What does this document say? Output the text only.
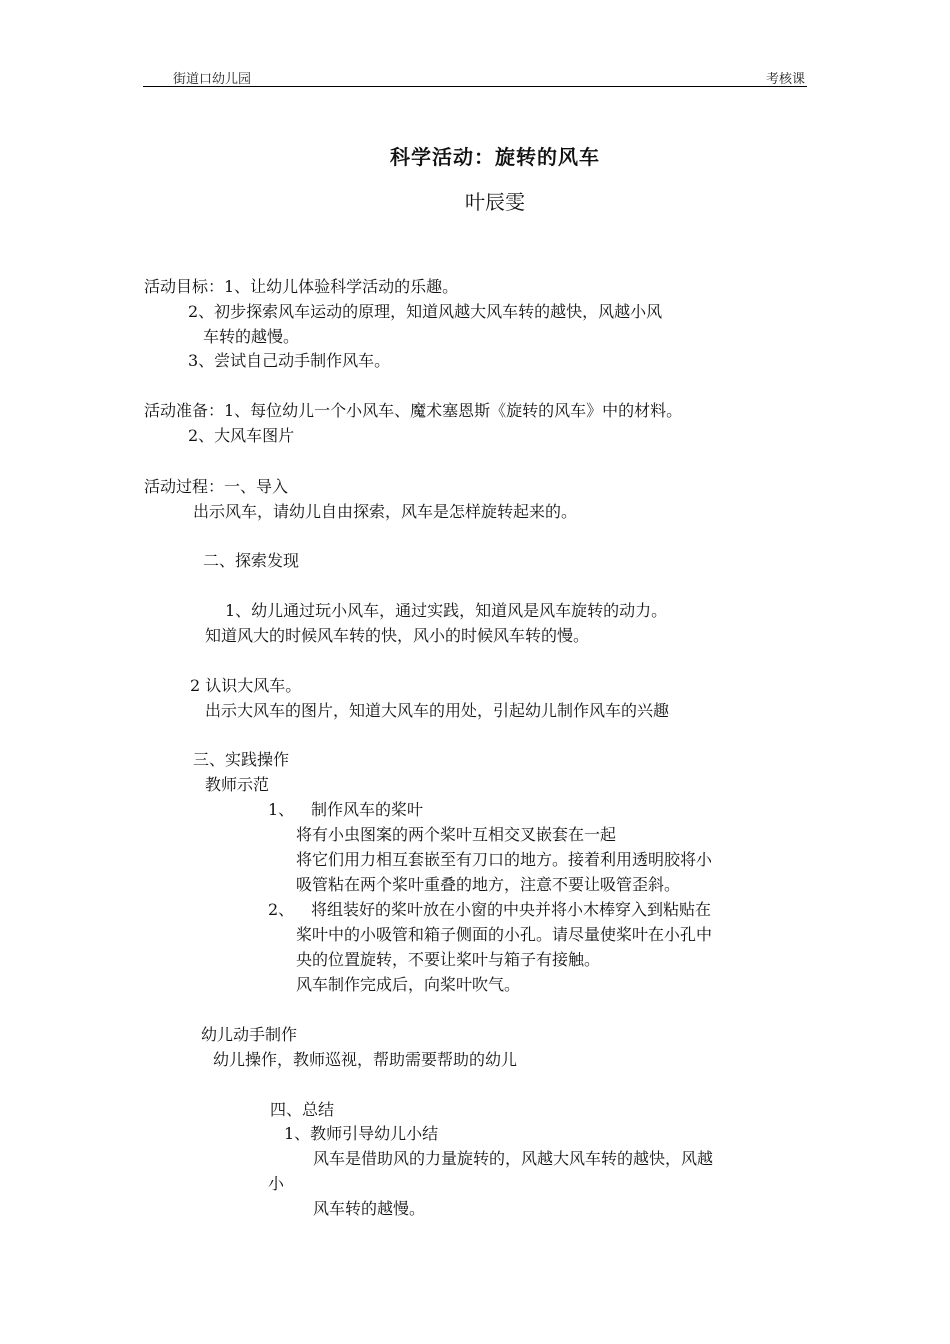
街道口幼儿园	考核课
科学活动：旋转的风车
叶辰雯
活动目标：1、让幼儿体验科学活动的乐趣。
2、初步探索风车运动的原理，知道风越大风车转的越快，风越小风
车转的越慢。
3、尝试自己动手制作风车。
活动准备：1、每位幼儿一个小风车、魔术塞恩斯《旋转的风车》中的材料。
2、大风车图片
活动过程：一、导入
出示风车，请幼儿自由探索，风车是怎样旋转起来的。
二、探索发现
1、幼儿通过玩小风车，通过实践，知道风是风车旋转的动力。
知道风大的时候风车转的快，风小的时候风车转的慢。
2 认识大风车。
出示大风车的图片，知道大风车的用处，引起幼儿制作风车的兴趣
三、实践操作
教师示范
1、 制作风车的桨叶
将有小虫图案的两个桨叶互相交叉嵌套在一起
将它们用力相互套嵌至有刀口的地方。接着利用透明胶将小
吸管粘在两个桨叶重叠的地方，注意不要让吸管歪斜。
2、 将组装好的桨叶放在小窗的中央并将小木棒穿入到粘贴在
桨叶中的小吸管和箱子侧面的小孔。请尽量使桨叶在小孔中
央的位置旋转，不要让桨叶与箱子有接触。
风车制作完成后，向桨叶吹气。
幼儿动手制作
幼儿操作，教师巡视，帮助需要帮助的幼儿
四、总结
1、教师引导幼儿小结
风车是借助风的力量旋转的，风越大风车转的越快，风越
小
风车转的越慢。
